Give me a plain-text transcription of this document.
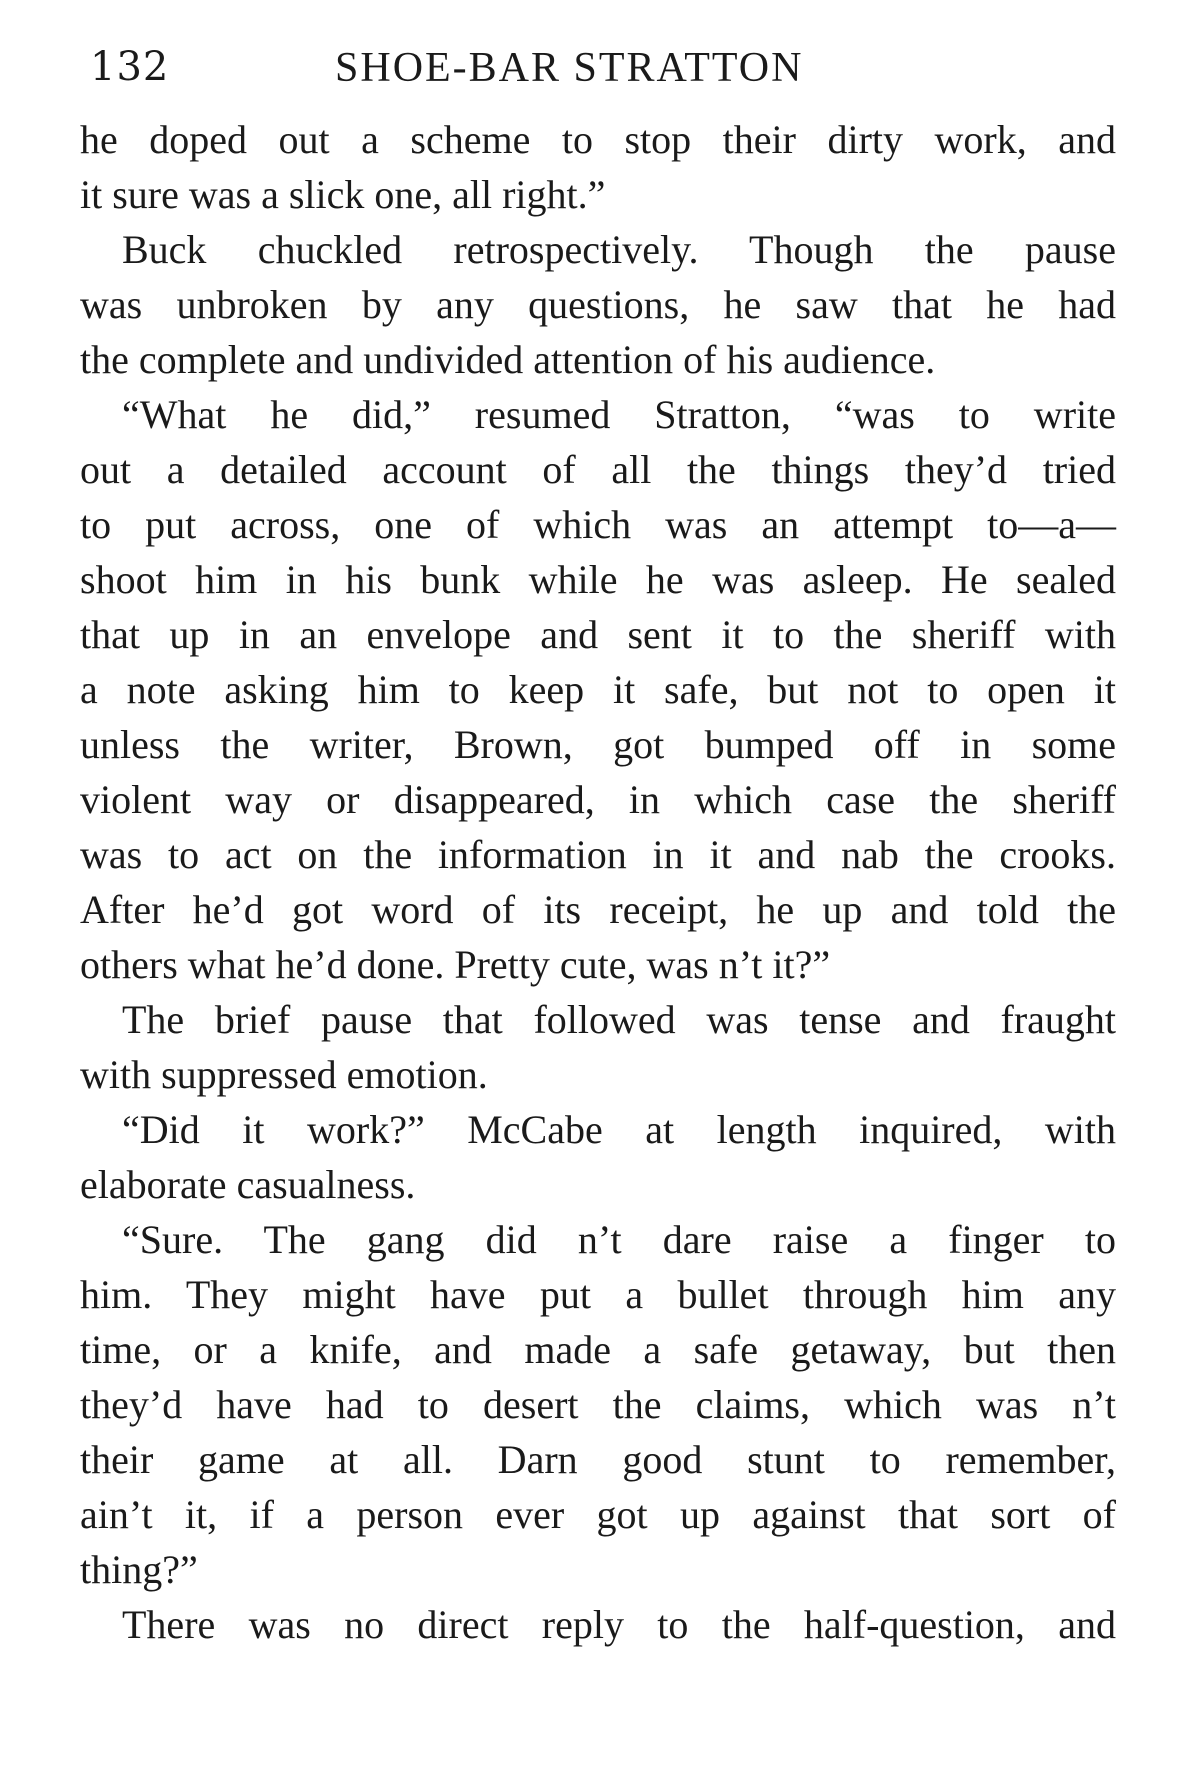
132	SHOE-BAR STRATTON
he doped out a scheme to stop their dirty work, and
it sure was a slick one, all right.”
Buck chuckled retrospectively. Though the pause
was unbroken by any questions, he saw that he had
the complete and undivided attention of his audience.
“What he did,” resumed Stratton, “was to write
out a detailed account of all the things they’d tried
to put across, one of which was an attempt to—a—
shoot him in his bunk while he was asleep. He sealed
that up in an envelope and sent it to the sheriff with
a note asking him to keep it safe, but not to open it
unless the writer, Brown, got bumped off in some
violent way or disappeared, in which case the sheriff
was to act on the information in it and nab the crooks.
After he’d got word of its receipt, he up and told the
others what he’d done. Pretty cute, was n’t it?”
The brief pause that followed was tense and fraught
with suppressed emotion.
“Did it work?” McCabe at length inquired, with
elaborate casualness.
“Sure. The gang did n’t dare raise a finger to
him. They might have put a bullet through him any
time, or a knife, and made a safe getaway, but then
they’d have had to desert the claims, which was n’t
their game at all. Darn good stunt to remember,
ain’t it, if a person ever got up against that sort of
thing?”
There was no direct reply to the half-question, and
